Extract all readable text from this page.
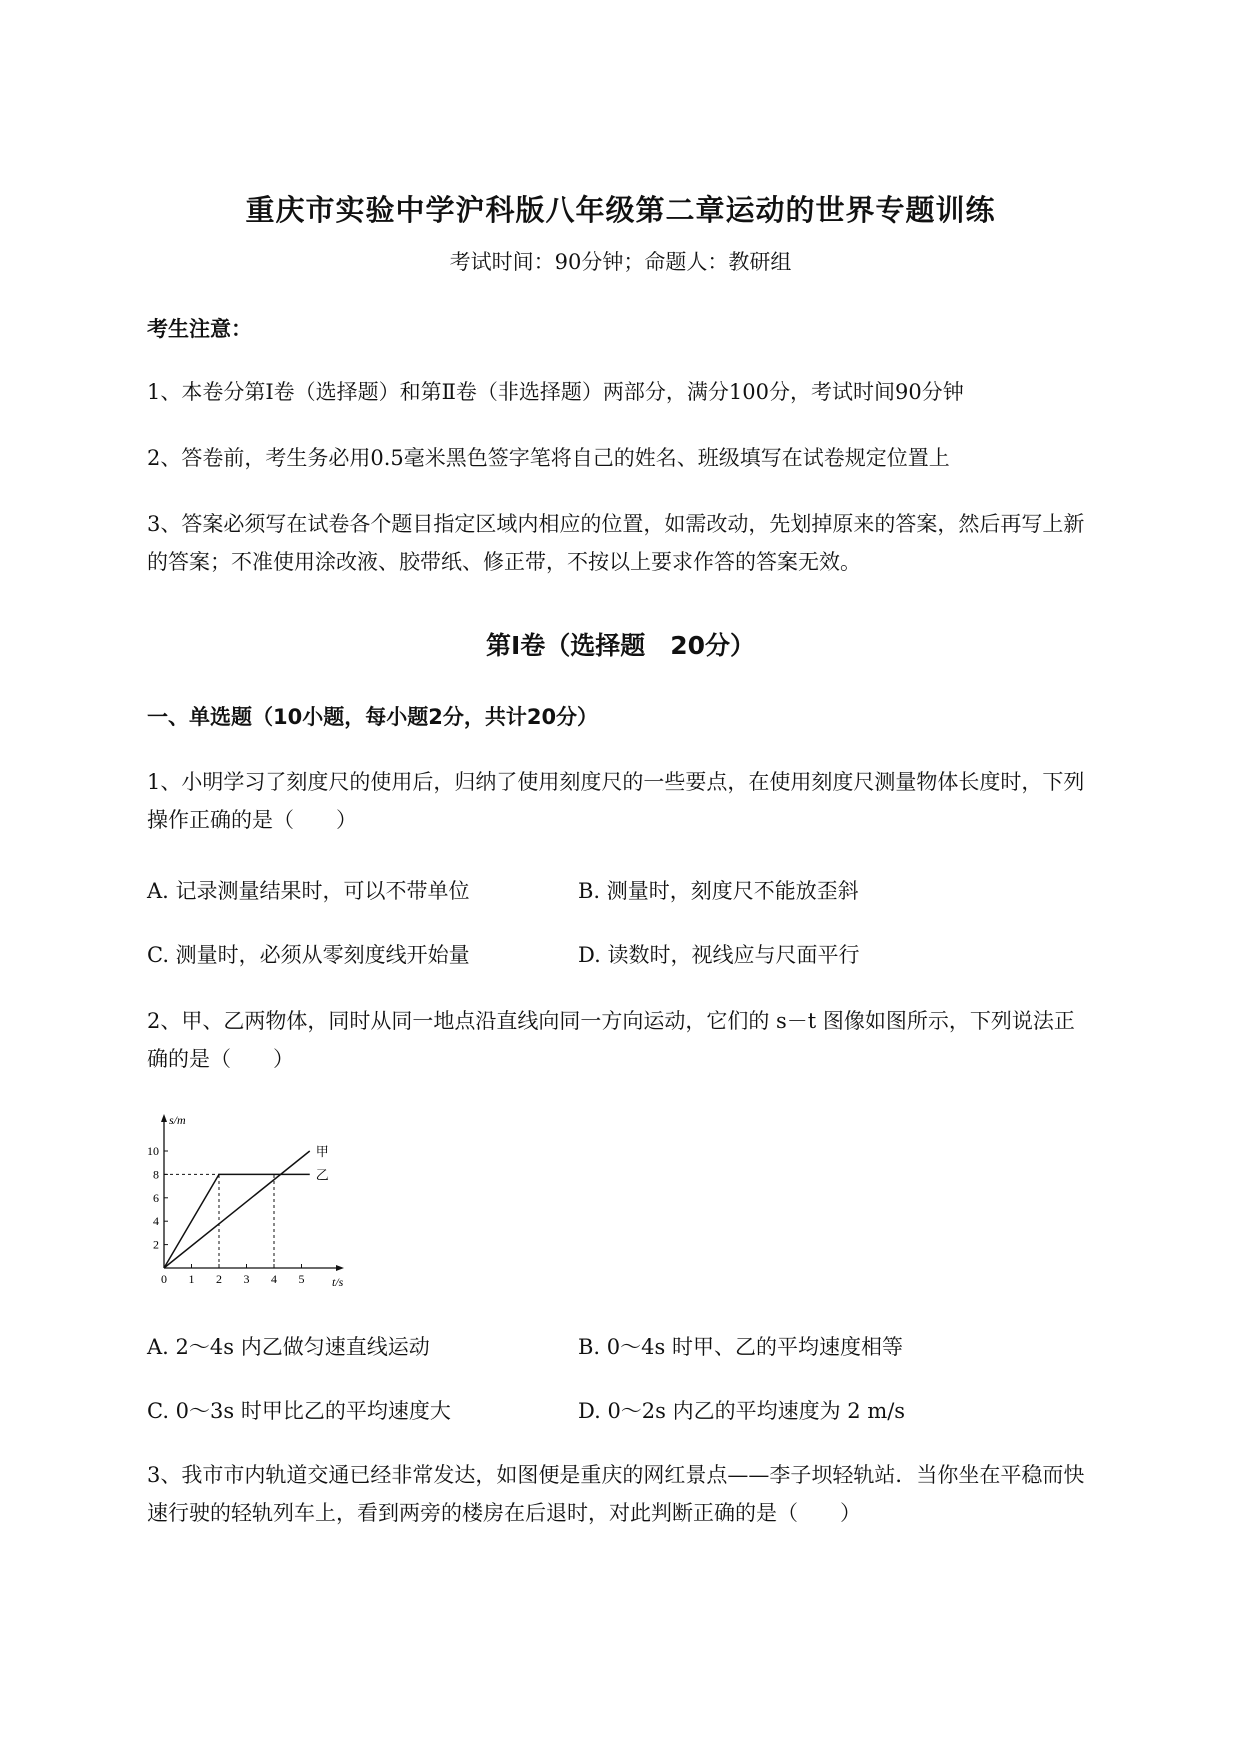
重庆市实验中学沪科版八年级第二章运动的世界专题训练
考试时间：90分钟；命题人：教研组
考生注意：
1、本卷分第I卷（选择题）和第Ⅱ卷（非选择题）两部分，满分100分，考试时间90分钟
2、答卷前，考生务必用0.5毫米黑色签字笔将自己的姓名、班级填写在试卷规定位置上
3、答案必须写在试卷各个题目指定区域内相应的位置，如需改动，先划掉原来的答案，然后再写上新
的答案；不准使用涂改液、胶带纸、修正带，不按以上要求作答的答案无效。
第I卷（选择题　20分）
一、单选题（10小题，每小题2分，共计20分）
1、小明学习了刻度尺的使用后，归纳了使用刻度尺的一些要点，在使用刻度尺测量物体长度时，下列
操作正确的是（　　）
A. 记录测量结果时，可以不带单位	B. 测量时，刻度尺不能放歪斜
C. 测量时，必须从零刻度线开始量	D. 读数时，视线应与尺面平行
2、甲、乙两物体，同时从同一地点沿直线向同一方向运动，它们的 s－t 图像如图所示，下列说法正
确的是（　　）
t/s
s/m
0 1 2 3 4 5
2
4
6
8
10	甲
乙
A. 2～4s 内乙做匀速直线运动	B. 0～4s 时甲、乙的平均速度相等
C. 0～3s 时甲比乙的平均速度大	D. 0～2s 内乙的平均速度为 2 m/s
3、我市市内轨道交通已经非常发达，如图便是重庆的网红景点——李子坝轻轨站．当你坐在平稳而快
速行驶的轻轨列车上，看到两旁的楼房在后退时，对此判断正确的是（　　）
